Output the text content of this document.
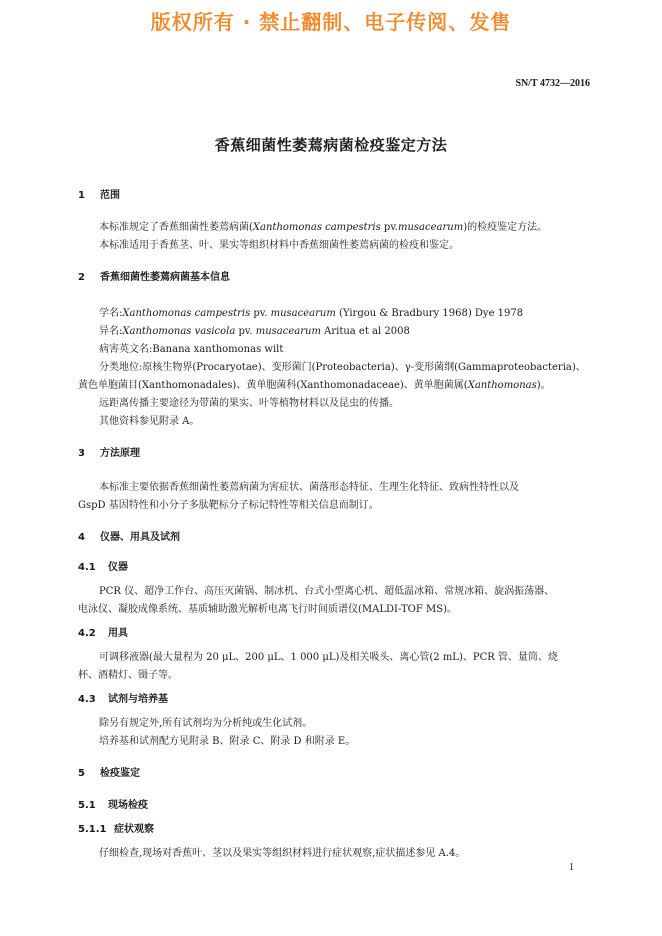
版权所有 · 禁止翻制、电子传阅、发售
SN/T 4732—2016
香蕉细菌性萎蔫病菌检疫鉴定方法
1 范围
本标准规定了香蕉细菌性萎蔫病菌(Xanthomonas campestris pv.musacearum)的检疫鉴定方法。
本标准适用于香蕉茎、叶、果实等组织材料中香蕉细菌性萎蔫病菌的检疫和鉴定。
2 香蕉细菌性萎蔫病菌基本信息
学名:Xanthomonas campestris pv. musacearum (Yirgou & Bradbury 1968) Dye 1978
异名:Xanthomonas vasicola pv. musacearum Aritua et al 2008
病害英文名:Banana xanthomonas wilt
分类地位:原核生物界(Procaryotae)、变形菌门(Proteobacteria)、γ-变形菌纲(Gammaproteobacteria)、
黄色单胞菌目(Xanthomonadales)、黄单胞菌科(Xanthomonadaceae)、黄单胞菌属(Xanthomonas)。
远距离传播主要途径为带菌的果实、叶等植物材料以及昆虫的传播。
其他资料参见附录 A。
3 方法原理
本标准主要依据香蕉细菌性萎蔫病菌为害症状、菌落形态特征、生理生化特征、致病性特性以及
GspD 基因特性和小分子多肽靶标分子标记特性等相关信息而制订。
4 仪器、用具及试剂
4.1 仪器
PCR 仪、超净工作台、高压灭菌锅、制冰机、台式小型离心机、超低温冰箱、常规冰箱、旋涡振荡器、
电泳仪、凝胶成像系统、基质辅助激光解析电离飞行时间质谱仪(MALDI-TOF MS)。
4.2 用具
可调移液器(最大量程为 20 μL、200 μL、1 000 μL)及相关吸头、离心管(2 mL)、PCR 管、量筒、烧
杯、酒精灯、镊子等。
4.3 试剂与培养基
除另有规定外,所有试剂均为分析纯或生化试剂。
培养基和试剂配方见附录 B、附录 C、附录 D 和附录 E。
5 检疫鉴定
5.1 现场检疫
5.1.1 症状观察
仔细检查,现场对香蕉叶、茎以及果实等组织材料进行症状观察,症状描述参见 A.4。
1
